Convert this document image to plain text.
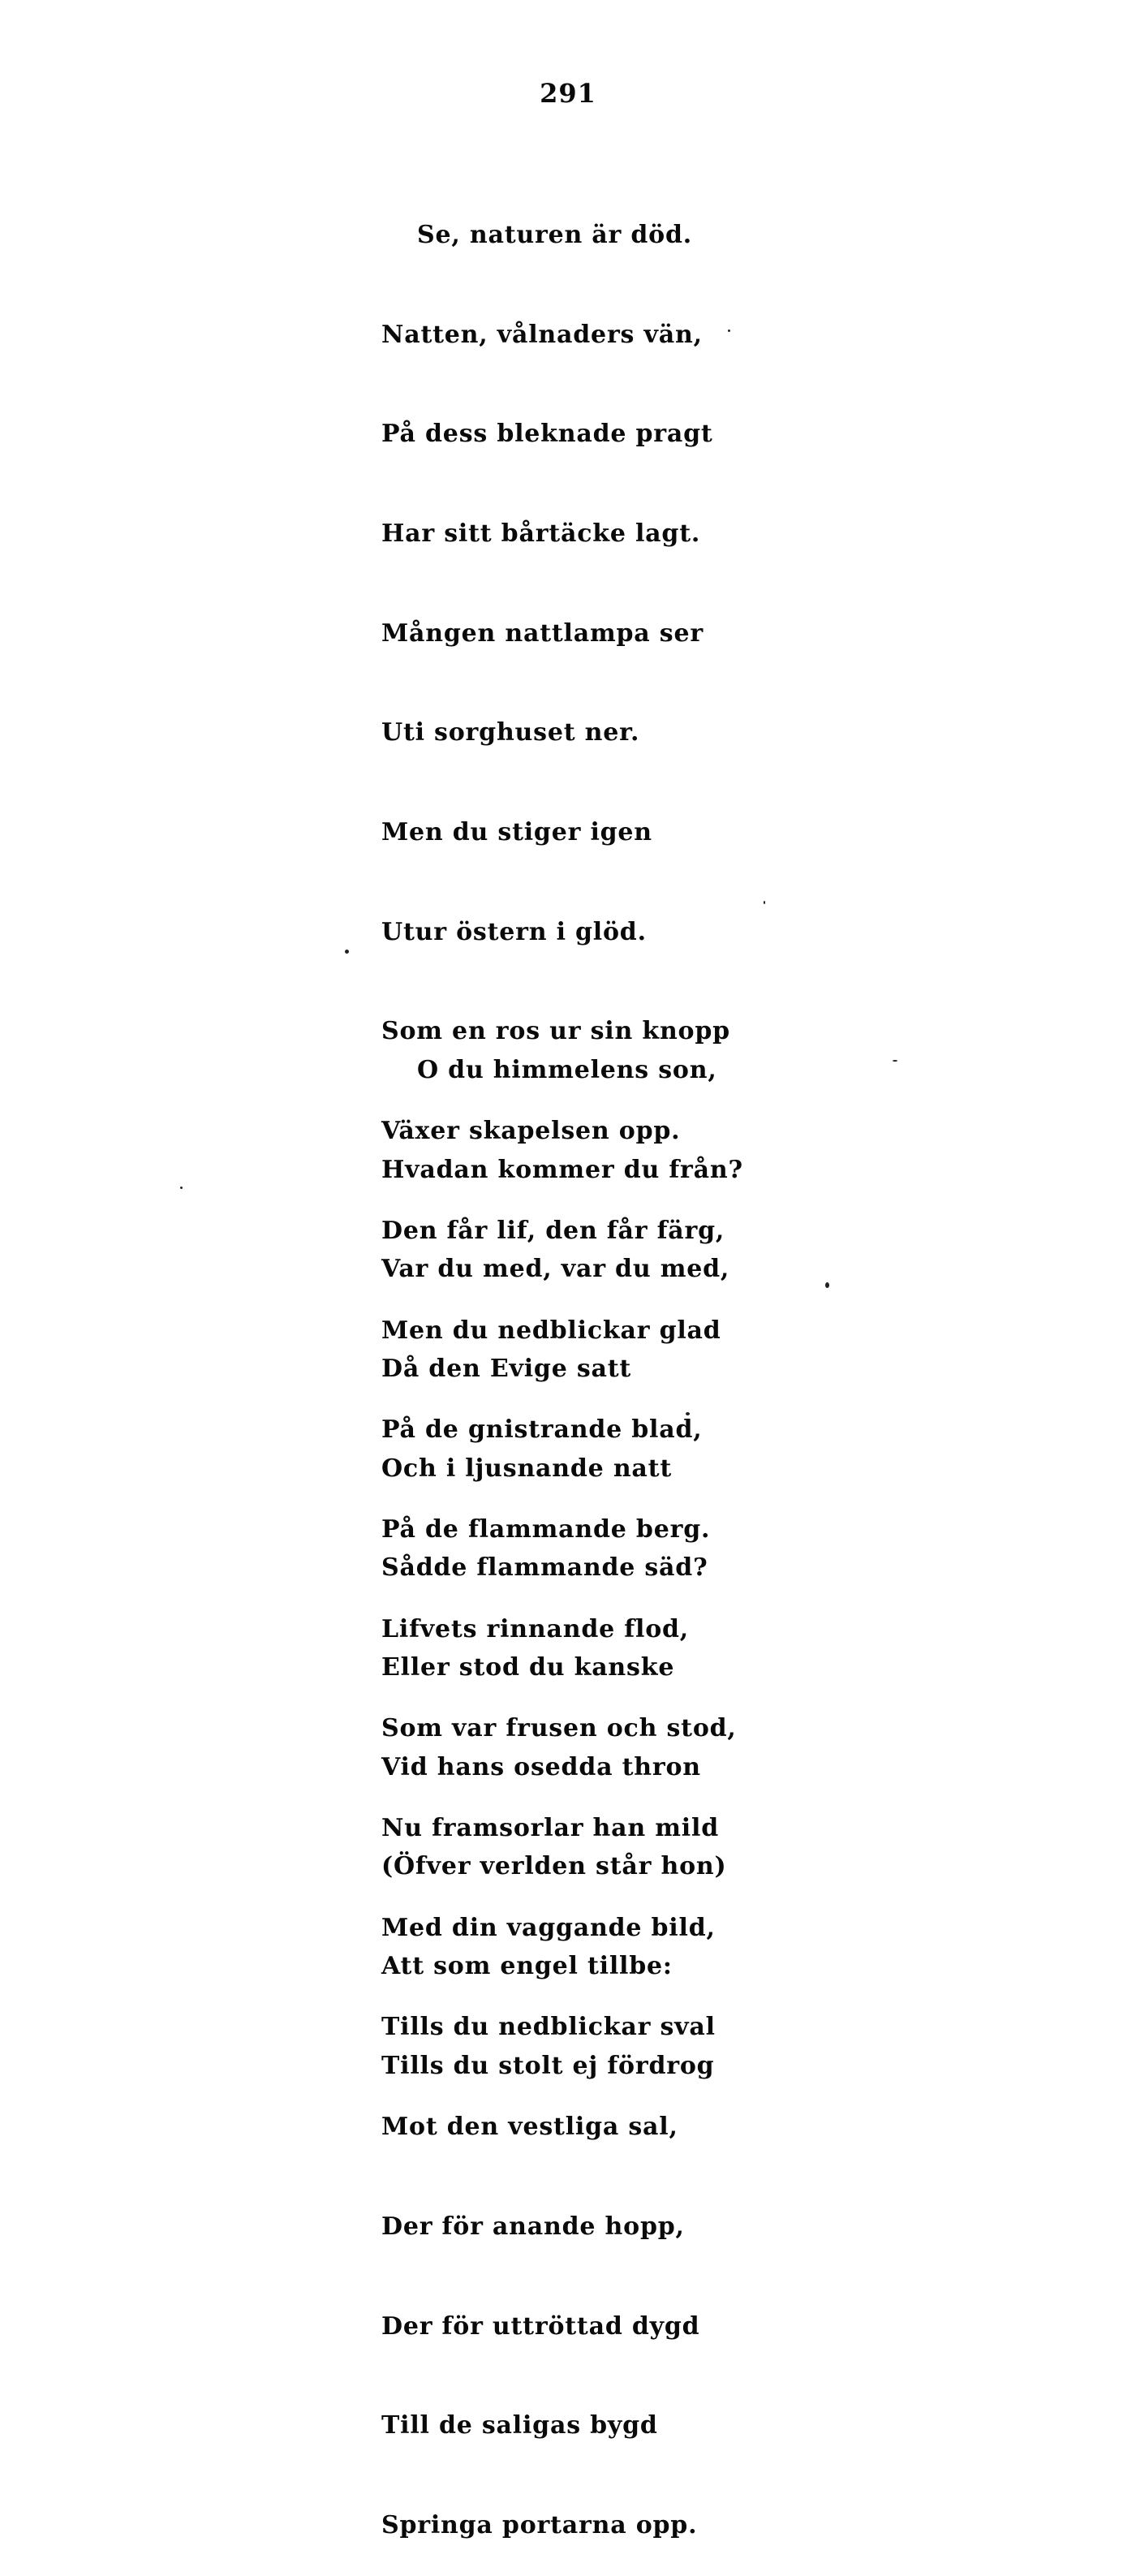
291

Se, naturen är död.

Natten, vålnaders vän,

På dess bleknade pragt

Har sitt bårtäcke lagt.

Mången nattlampa ser

Uti sorghuset ner.

Men du stiger igen

Utur östern i glöd.

Som en ros ur sin knopp

Växer skapelsen opp.

Den får lif, den får färg,

Men du nedblickar glad

På de gnistrande blad,

På de flammande berg.

Lifvets rinnande flod,

Som var frusen och stod,

Nu framsorlar han mild

Med din vaggande bild,

Tills du nedblickar sval

Mot den vestliga sal,

Der för anande hopp,

Der för uttröttad dygd

Till de saligas bygd

Springa portarna opp.

O du himmelens son,

Hvadan kommer du från?

Var du med, var du med,

Då den Evige satt

Och i ljusnande natt

Sådde flammande säd?

Eller stod du kanske

Vid hans osedda thron

(Öfver verlden står hon)

Att som engel tillbe:

Tills du stolt ej fördrog
